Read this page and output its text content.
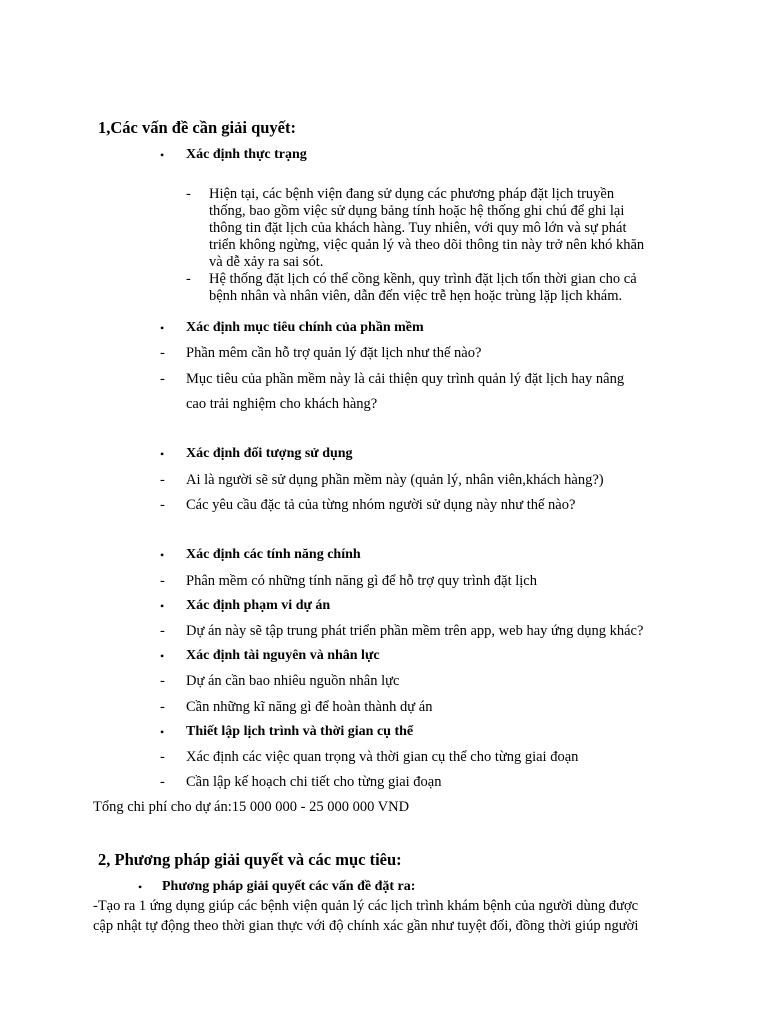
1,Các vấn đề cần giải quyết:
• Xác định thực trạng
- Hiện tại, các bệnh viện đang sử dụng các phương pháp đặt lịch truyền
thống, bao gồm việc sử dụng bảng tính hoặc hệ thống ghi chú để ghi lại
thông tin đặt lịch của khách hàng. Tuy nhiên, với quy mô lớn và sự phát
triển không ngừng, việc quản lý và theo dõi thông tin này trở nên khó khăn
và dễ xảy ra sai sót.
- Hệ thống đặt lịch có thể cồng kềnh, quy trình đặt lịch tốn thời gian cho cả
bệnh nhân và nhân viên, dẫn đến việc trễ hẹn hoặc trùng lặp lịch khám.
• Xác định mục tiêu chính của phần mềm
- Phần mêm cần hỗ trợ quản lý đặt lịch như thế nào?
- Mục tiêu của phần mềm này là cải thiện quy trình quản lý đặt lịch hay nâng
cao trải nghiệm cho khách hàng?
• Xác định đối tượng sử dụng
- Ai là người sẽ sử dụng phần mềm này (quản lý, nhân viên,khách hàng?)
- Các yêu cầu đặc tả của từng nhóm người sử dụng này như thế nào?
• Xác định các tính năng chính
- Phân mềm có những tính năng gì để hỗ trợ quy trình đặt lịch
• Xác định phạm vi dự án
- Dự án này sẽ tập trung phát triển phần mềm trên app, web hay ứng dụng khác?
• Xác định tài nguyên và nhân lực
- Dự án cần bao nhiêu nguồn nhân lực
- Cần những kĩ năng gì để hoàn thành dự án
• Thiết lập lịch trình và thời gian cụ thể
- Xác định các việc quan trọng và thời gian cụ thể cho từng giai đoạn
- Cần lập kế hoạch chi tiết cho từng giai đoạn
Tổng chi phí cho dự án:15 000 000 - 25 000 000 VND
2, Phương pháp giải quyết và các mục tiêu:
• Phương pháp giải quyết các vấn đề đặt ra:
-Tạo ra 1 ứng dụng giúp các bệnh viện quản lý các lịch trình khám bệnh của người dùng được
cập nhật tự động theo thời gian thực với độ chính xác gần như tuyệt đối, đồng thời giúp người
